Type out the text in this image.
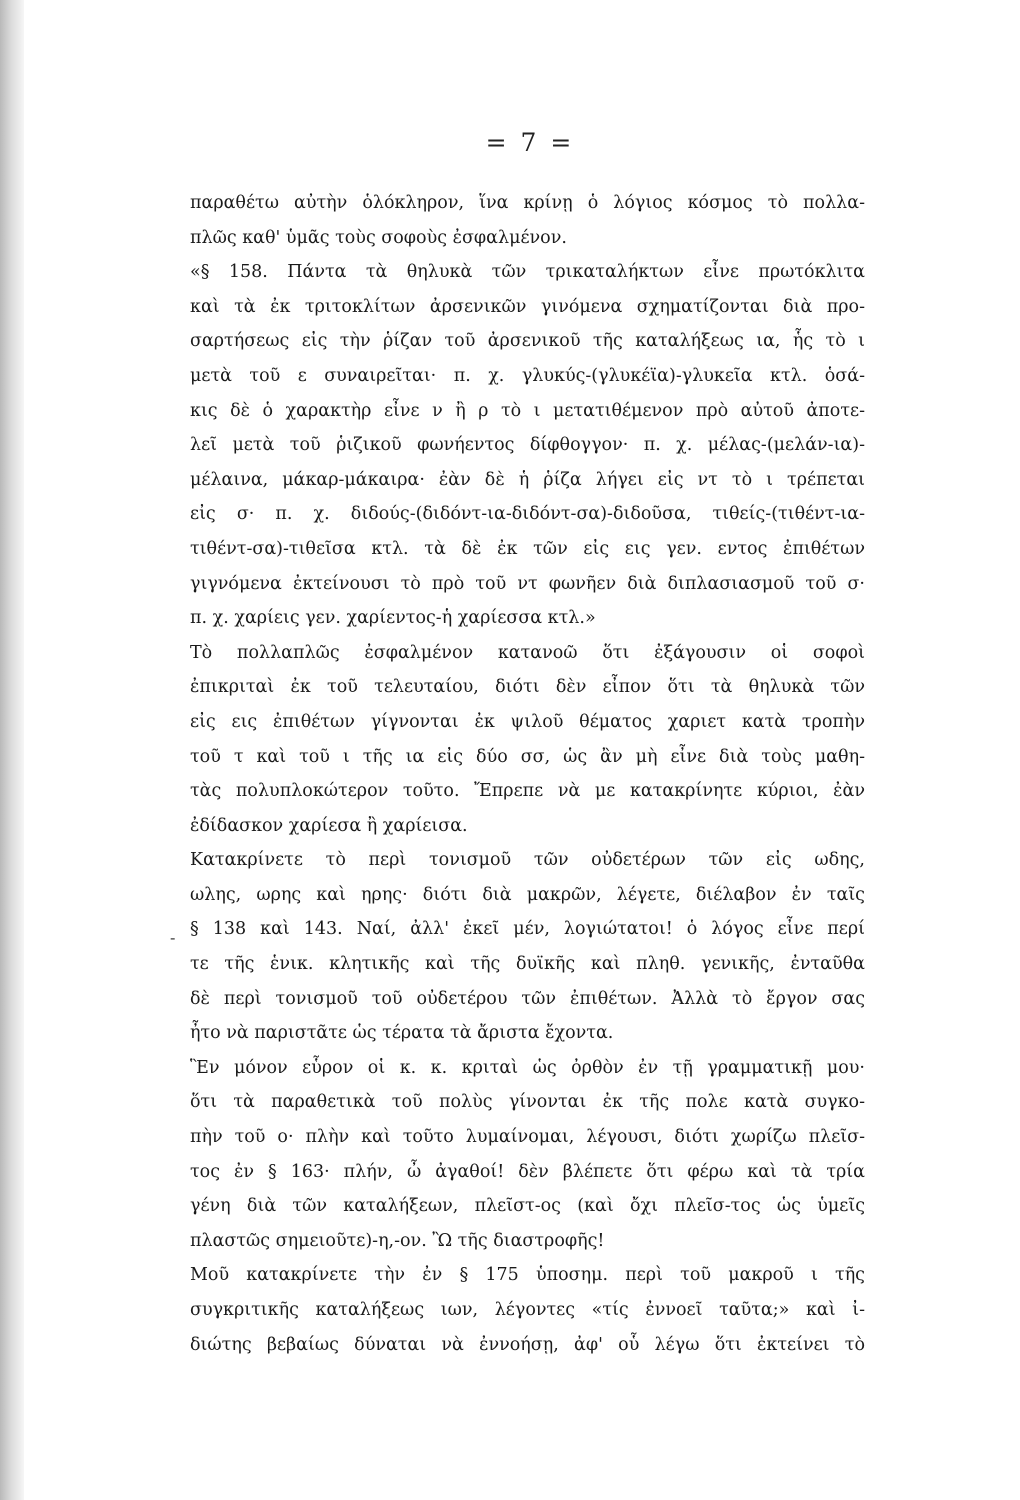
= 7 =
-
παραθέτω αὐτὴν ὁλόκληρον, ἵνα κρίνῃ ὁ λόγιος κόσμος τὸ πολλα-
πλῶς καθ' ὑμᾶς τοὺς σοφοὺς ἐσφαλμένον.
«§ 158. Πάντα τὰ θηλυκὰ τῶν τρικαταλήκτων εἶνε πρωτόκλιτα
καὶ τὰ ἐκ τριτοκλίτων ἀρσενικῶν γινόμενα σχηματίζονται διὰ προ-
σαρτήσεως εἰς τὴν ῥίζαν τοῦ ἀρσενικοῦ τῆς καταλήξεως ια, ἧς τὸ ι
μετὰ τοῦ ε συναιρεῖται· π. χ. γλυκύς-(γλυκέϊα)-γλυκεῖα κτλ. ὁσά-
κις δὲ ὁ χαρακτὴρ εἶνε ν ἢ ρ τὸ ι μετατιθέμενον πρὸ αὐτοῦ ἀποτε-
λεῖ μετὰ τοῦ ῥιζικοῦ φωνήεντος δίφθογγον· π. χ. μέλας-(μελάν-ια)-
μέλαινα, μάκαρ-μάκαιρα· ἐὰν δὲ ἡ ῥίζα λήγει εἰς ντ τὸ ι τρέπεται
εἰς σ· π. χ. διδούς-(διδόντ-ια-διδόντ-σα)-διδοῦσα, τιθείς-(τιθέντ-ια-
τιθέντ-σα)-τιθεῖσα κτλ. τὰ δὲ ἐκ τῶν εἰς εις γεν. εντος ἐπιθέτων
γιγνόμενα ἐκτείνουσι τὸ πρὸ τοῦ ντ φωνῆεν διὰ διπλασιασμοῦ τοῦ σ·
π. χ. χαρίεις γεν. χαρίεντος-ἡ χαρίεσσα κτλ.»
Τὸ πολλαπλῶς ἐσφαλμένον κατανοῶ ὅτι ἐξάγουσιν οἱ σοφοὶ
ἐπικριταὶ ἐκ τοῦ τελευταίου, διότι δὲν εἶπον ὅτι τὰ θηλυκὰ τῶν
εἰς εις ἐπιθέτων γίγνονται ἐκ ψιλοῦ θέματος χαριετ κατὰ τροπὴν
τοῦ τ καὶ τοῦ ι τῆς ια εἰς δύο σσ, ὡς ἂν μὴ εἶνε διὰ τοὺς μαθη-
τὰς πολυπλοκώτερον τοῦτο. Ἔπρεπε νὰ με κατακρίνητε κύριοι, ἐὰν
ἐδίδασκον χαρίεσα ἢ χαρίεισα.
Κατακρίνετε τὸ περὶ τονισμοῦ τῶν οὐδετέρων τῶν εἰς ωδης,
ωλης, ωρης καὶ ηρης· διότι διὰ μακρῶν, λέγετε, διέλαβον ἐν ταῖς
§ 138 καὶ 143. Ναί, ἀλλ' ἐκεῖ μέν, λογιώτατοι! ὁ λόγος εἶνε περί
τε τῆς ἑνικ. κλητικῆς καὶ τῆς δυϊκῆς καὶ πληθ. γενικῆς, ἐνταῦθα
δὲ περὶ τονισμοῦ τοῦ οὐδετέρου τῶν ἐπιθέτων. Ἀλλὰ τὸ ἔργον σας
ἦτο νὰ παριστᾶτε ὡς τέρατα τὰ ἄριστα ἔχοντα.
Ἓν μόνον εὗρον οἱ κ. κ. κριταὶ ὡς ὀρθὸν ἐν τῇ γραμματικῇ μου·
ὅτι τὰ παραθετικὰ τοῦ πολὺς γίνονται ἐκ τῆς πολε κατὰ συγκο-
πὴν τοῦ ο· πλὴν καὶ τοῦτο λυμαίνομαι, λέγουσι, διότι χωρίζω πλεῖσ-
τος ἐν § 163· πλήν, ὦ ἀγαθοί! δὲν βλέπετε ὅτι φέρω καὶ τὰ τρία
γένη διὰ τῶν καταλήξεων, πλεῖστ-ος (καὶ ὄχι πλεῖσ-τος ὡς ὑμεῖς
πλαστῶς σημειοῦτε)-η,-ον. Ὢ τῆς διαστροφῆς!
Μοῦ κατακρίνετε τὴν ἐν § 175 ὑποσημ. περὶ τοῦ μακροῦ ι τῆς
συγκριτικῆς καταλήξεως ιων, λέγοντες «τίς ἐννοεῖ ταῦτα;» καὶ ἰ-
διώτης βεβαίως δύναται νὰ ἐννοήσῃ, ἀφ' οὗ λέγω ὅτι ἐκτείνει τὸ
